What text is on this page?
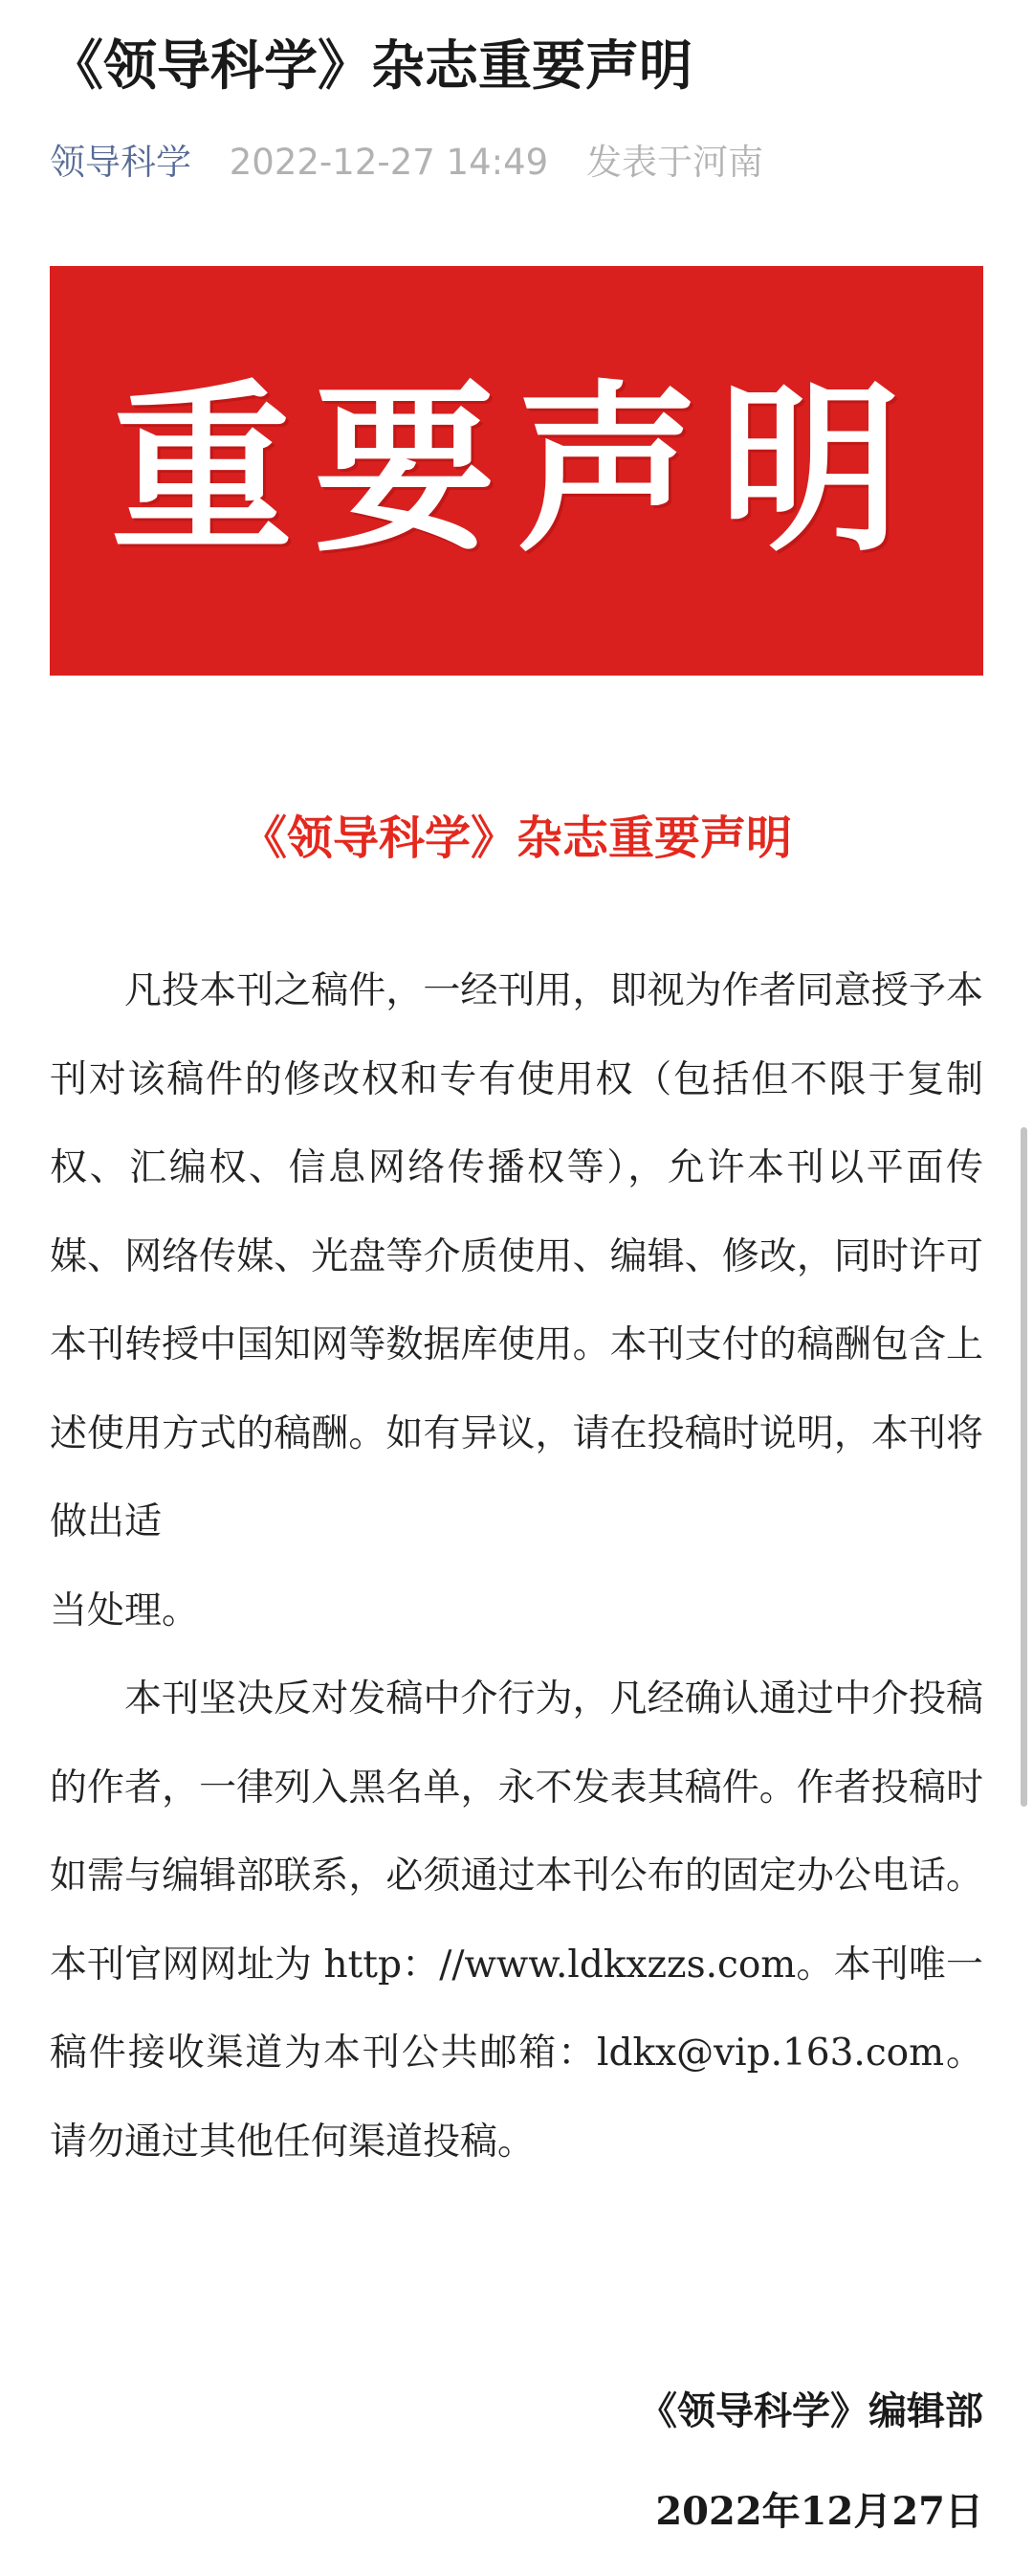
《领导科学》杂志重要声明
领导科学 2022-12-27 14:49 发表于河南
重要声明
《领导科学》杂志重要声明
凡投本刊之稿件，一经刊用，即视为作者同意授予本刊对该稿件的修改权和专有使用权（包括但不限于复制权、汇编权、信息网络传播权等），允许本刊以平面传媒、网络传媒、光盘等介质使用、编辑、修改，同时许可本刊转授中国知网等数据库使用。本刊支付的稿酬包含上述使用方式的稿酬。如有异议，请在投稿时说明，本刊将做出适
当处理。

本刊坚决反对发稿中介行为，凡经确认通过中介投稿的作者，一律列入黑名单，永不发表其稿件。作者投稿时如需与编辑部联系，必须通过本刊公布的固定办公电话。本刊官网网址为 http：//www.ldkxzzs.com。本刊唯一稿件接收渠道为本刊公共邮箱：ldkx@vip.163.com。请勿通过其他任何渠道投稿。

《领导科学》编辑部
2022年12月27日
